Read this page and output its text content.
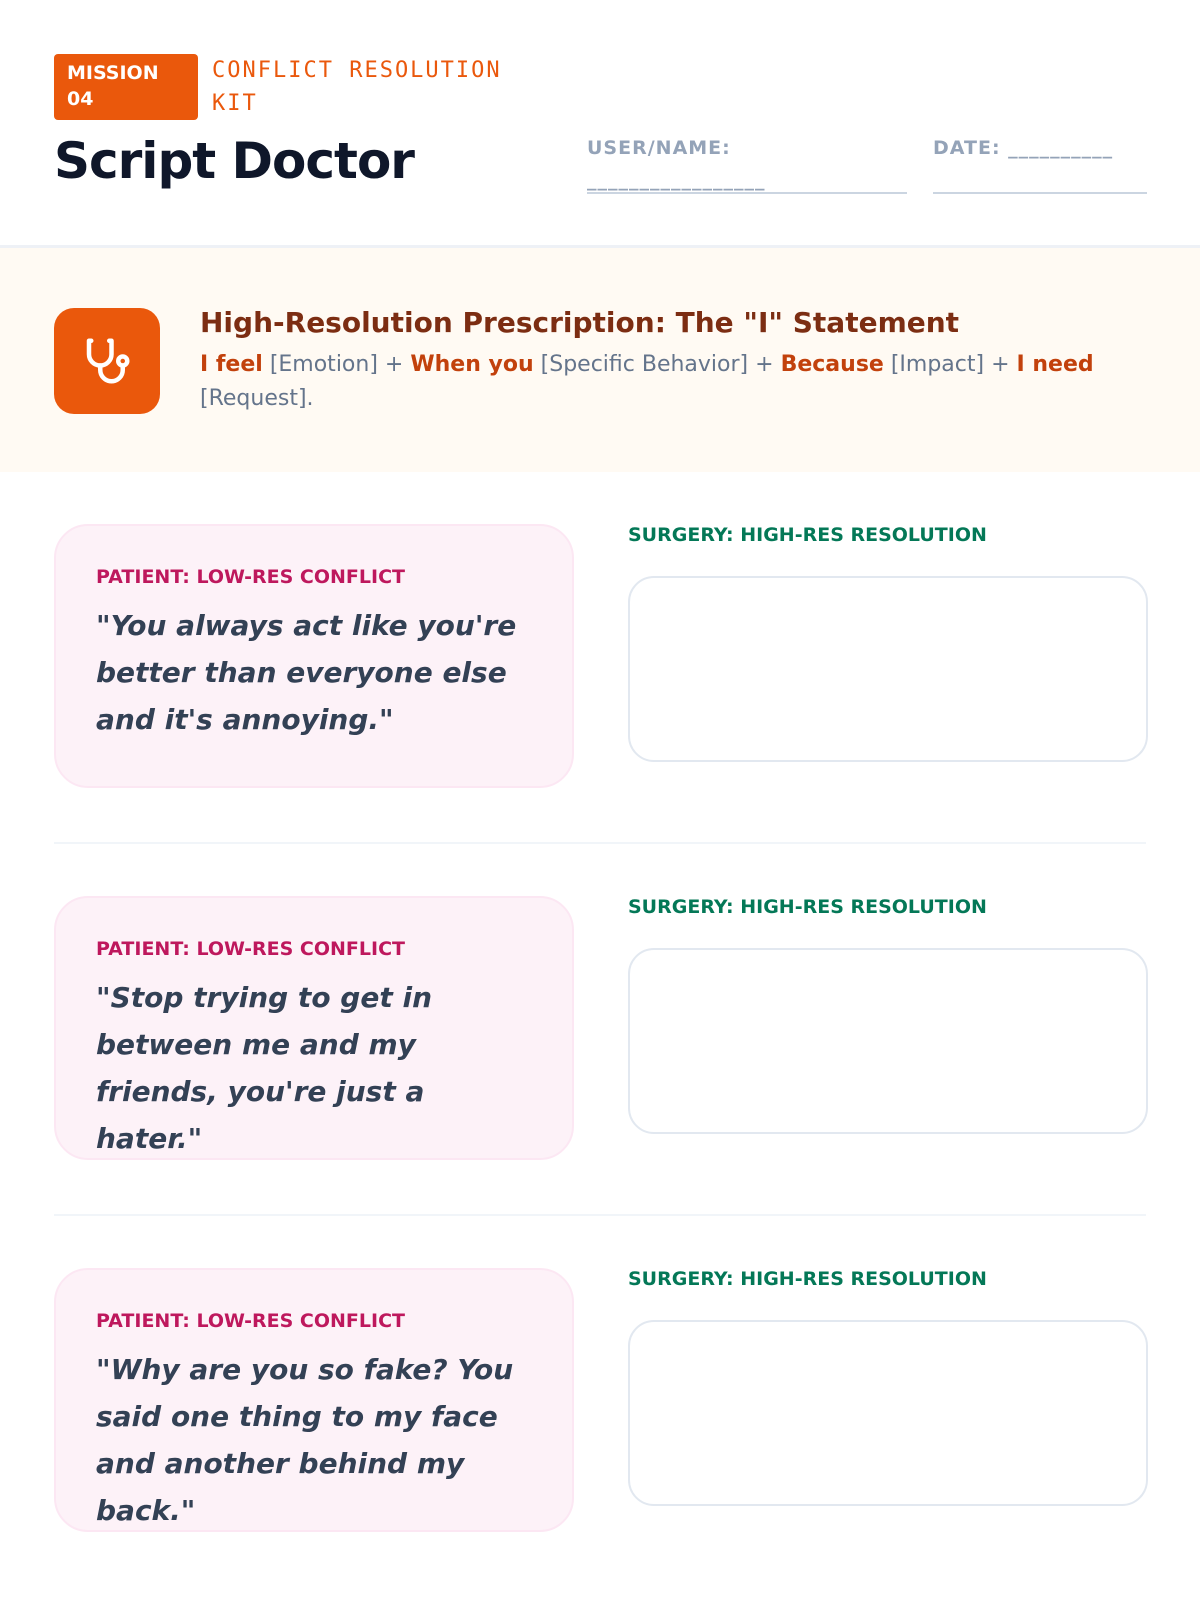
MISSION
04
CONFLICT RESOLUTION KIT
Script Doctor	USER/NAME: _________________
DATE: __________
High-Resolution Prescription: The "I" Statement
I feel [Emotion] + When you [Specific Behavior] + Because [Impact] + I need [Request].
PATIENT: LOW-RES CONFLICT
"You always act like you're better than everyone else and it's annoying."
SURGERY: HIGH-RES RESOLUTION
PATIENT: LOW-RES CONFLICT
"Stop trying to get in between me and my friends, you're just a hater."
SURGERY: HIGH-RES RESOLUTION
PATIENT: LOW-RES CONFLICT
"Why are you so fake? You said one thing to my face and another behind my back."
SURGERY: HIGH-RES RESOLUTION
